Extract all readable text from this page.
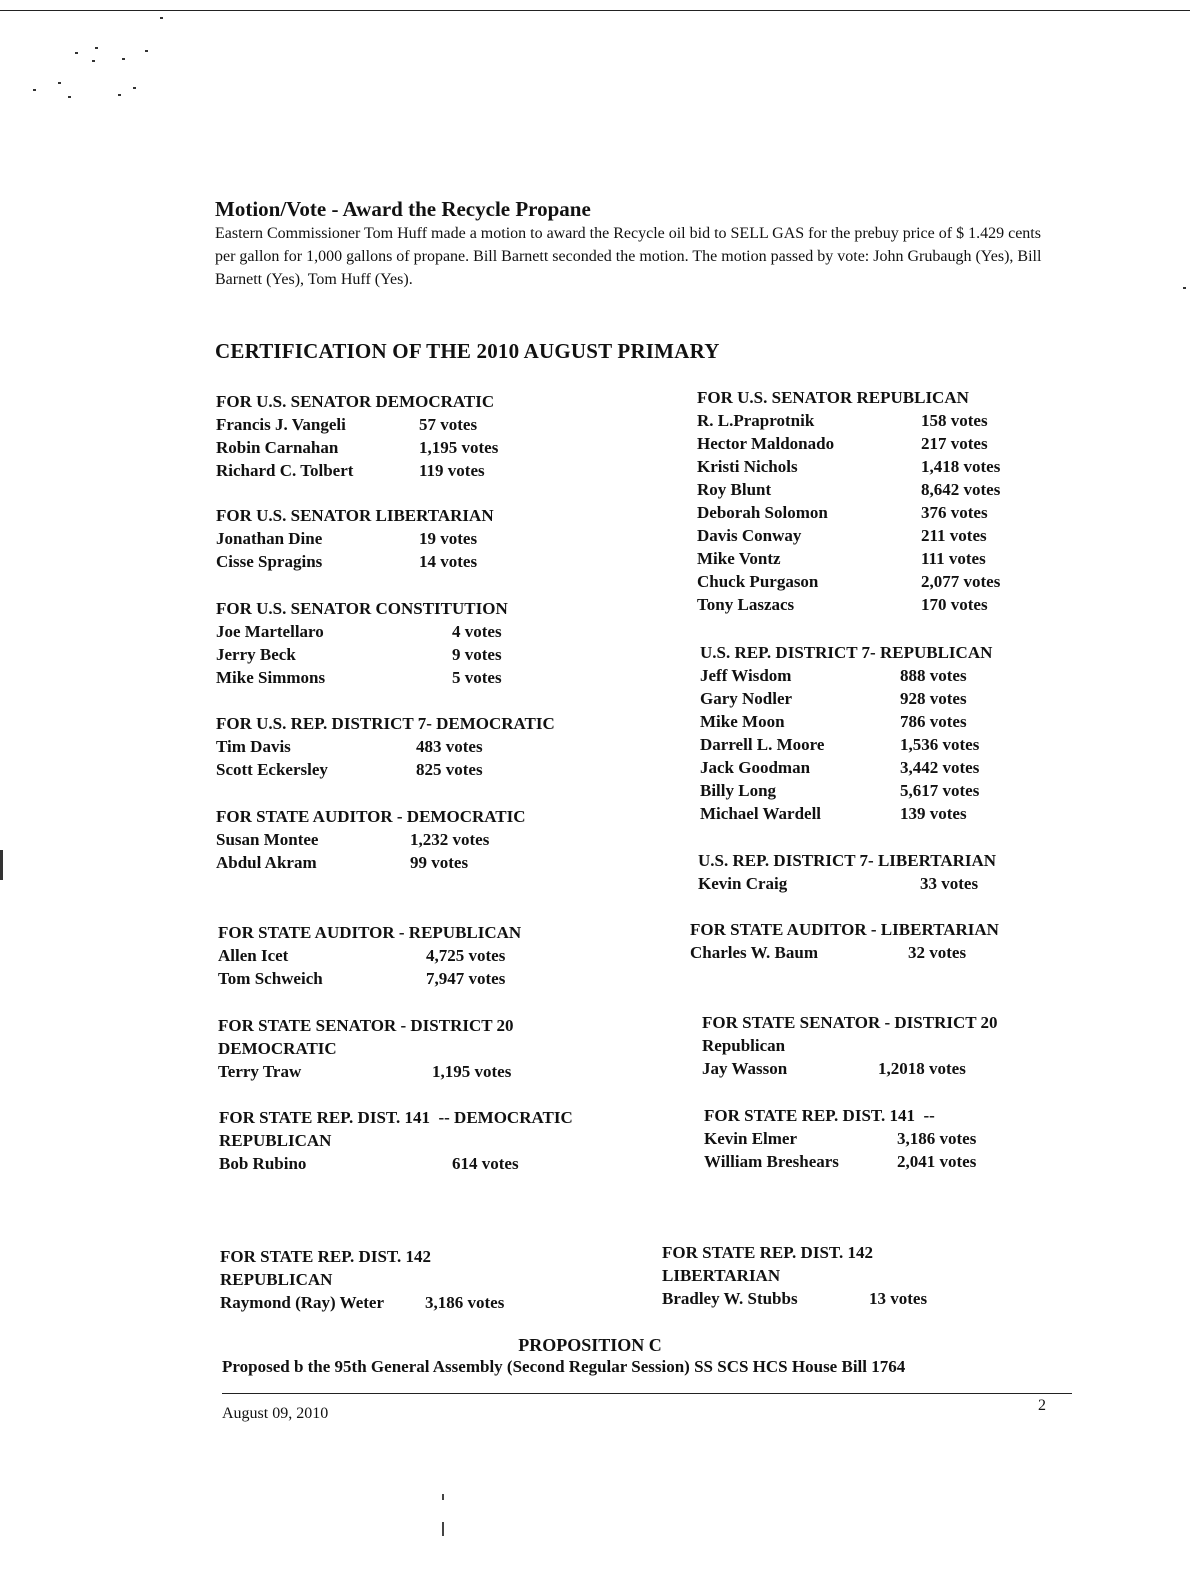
Motion/Vote - Award the Recycle Propane
Eastern Commissioner Tom Huff made a motion to award the Recycle oil bid to SELL GAS for the prebuy price of $ 1.429 cents per gallon for 1,000 gallons of propane. Bill Barnett seconded the motion. The motion passed by vote: John Grubaugh (Yes), Bill Barnett (Yes), Tom Huff (Yes).
CERTIFICATION OF THE 2010 AUGUST PRIMARY
FOR U.S. SENATOR DEMOCRATIC
Francis J. Vangeli	57 votes
Robin Carnahan	1,195 votes
Richard C. Tolbert	119 votes
FOR U.S. SENATOR LIBERTARIAN
Jonathan Dine	19 votes
Cisse Spragins	14 votes
FOR U.S. SENATOR CONSTITUTION
Joe Martellaro	4 votes
Jerry Beck	9 votes
Mike Simmons	5 votes
FOR U.S. REP. DISTRICT 7- DEMOCRATIC
Tim Davis	483 votes
Scott Eckersley	825 votes
FOR STATE AUDITOR - DEMOCRATIC
Susan Montee	1,232 votes
Abdul Akram	99 votes
FOR STATE AUDITOR - REPUBLICAN
Allen Icet	4,725 votes
Tom Schweich	7,947 votes
FOR STATE SENATOR - DISTRICT 20
DEMOCRATIC
Terry Traw	1,195 votes
FOR STATE REP. DIST. 141  -- DEMOCRATIC
REPUBLICAN
Bob Rubino	614 votes
FOR STATE REP. DIST. 142
REPUBLICAN
Raymond (Ray) Weter 3,186 votes
FOR U.S. SENATOR REPUBLICAN
R. L.Praprotnik	158 votes
Hector Maldonado	217 votes
Kristi Nichols	1,418 votes
Roy Blunt	8,642 votes
Deborah Solomon	376 votes
Davis Conway	211 votes
Mike Vontz	111 votes
Chuck Purgason	2,077 votes
Tony Laszacs	170 votes
U.S. REP. DISTRICT 7- REPUBLICAN
Jeff Wisdom	888 votes
Gary Nodler	928 votes
Mike Moon	786 votes
Darrell L. Moore	1,536 votes
Jack Goodman	3,442 votes
Billy Long	5,617 votes
Michael Wardell	139 votes
U.S. REP. DISTRICT 7- LIBERTARIAN
Kevin Craig	33 votes
FOR STATE AUDITOR - LIBERTARIAN
Charles W. Baum	32 votes
FOR STATE SENATOR - DISTRICT 20
Republican
Jay Wasson	1,2018 votes
FOR STATE REP. DIST. 141  --
Kevin Elmer	3,186 votes
William Breshears	2,041 votes
FOR STATE REP. DIST. 142
LIBERTARIAN
Bradley W. Stubbs	13 votes
PROPOSITION C
Proposed b the 95th General Assembly (Second Regular Session) SS SCS HCS House Bill 1764
August 09, 2010	2
